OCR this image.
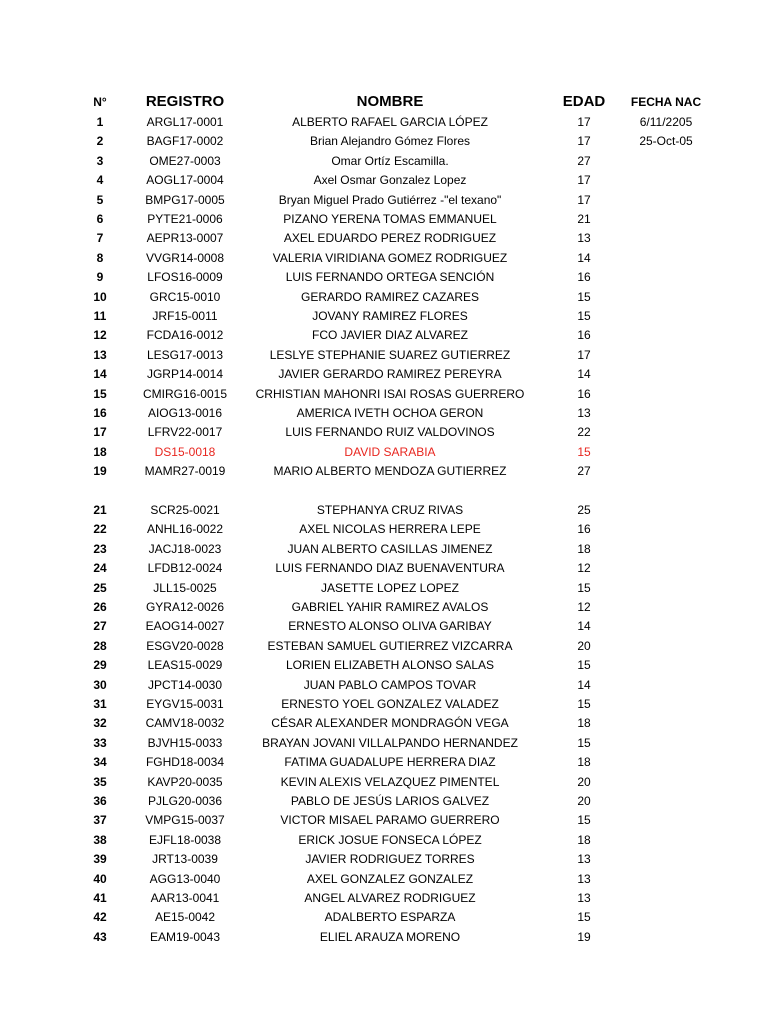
N°	REGISTRO	NOMBRE	EDAD	FECHA NAC
1	ARGL17-0001	ALBERTO RAFAEL GARCIA LÓPEZ	17	6/11/2205
2	BAGF17-0002	Brian Alejandro Gómez Flores	17	25-Oct-05
3	OME27-0003	Omar Ortíz Escamilla.	27
4	AOGL17-0004	Axel Osmar Gonzalez Lopez	17
5	BMPG17-0005	Bryan Miguel Prado Gutiérrez -"el texano"	17
6	PYTE21-0006	PIZANO YERENA TOMAS EMMANUEL	21
7	AEPR13-0007	AXEL EDUARDO PEREZ RODRIGUEZ	13
8	VVGR14-0008	VALERIA VIRIDIANA GOMEZ RODRIGUEZ	14
9	LFOS16-0009	LUIS FERNANDO ORTEGA SENCIÓN	16
10	GRC15-0010	GERARDO RAMIREZ CAZARES	15
11	JRF15-0011	JOVANY RAMIREZ FLORES	15
12	FCDA16-0012	FCO JAVIER DIAZ ALVAREZ	16
13	LESG17-0013	LESLYE STEPHANIE SUAREZ GUTIERREZ	17
14	JGRP14-0014	JAVIER GERARDO RAMIREZ PEREYRA	14
15	CMIRG16-0015	CRHISTIAN MAHONRI ISAI ROSAS GUERRERO	16
16	AIOG13-0016	AMERICA IVETH OCHOA GERON	13
17	LFRV22-0017	LUIS FERNANDO RUIZ VALDOVINOS	22
18	DS15-0018	DAVID SARABIA	15
19	MAMR27-0019	MARIO ALBERTO MENDOZA GUTIERREZ	27
21	SCR25-0021	STEPHANYA CRUZ RIVAS	25
22	ANHL16-0022	AXEL NICOLAS HERRERA LEPE	16
23	JACJ18-0023	JUAN ALBERTO CASILLAS JIMENEZ	18
24	LFDB12-0024	LUIS FERNANDO DIAZ BUENAVENTURA	12
25	JLL15-0025	JASETTE LOPEZ LOPEZ	15
26	GYRA12-0026	GABRIEL YAHIR RAMIREZ AVALOS	12
27	EAOG14-0027	ERNESTO ALONSO OLIVA GARIBAY	14
28	ESGV20-0028	ESTEBAN SAMUEL GUTIERREZ VIZCARRA	20
29	LEAS15-0029	LORIEN ELIZABETH ALONSO SALAS	15
30	JPCT14-0030	JUAN PABLO CAMPOS TOVAR	14
31	EYGV15-0031	ERNESTO YOEL GONZALEZ VALADEZ	15
32	CAMV18-0032	CÉSAR ALEXANDER MONDRAGÓN VEGA	18
33	BJVH15-0033	BRAYAN JOVANI VILLALPANDO HERNANDEZ	15
34	FGHD18-0034	FATIMA GUADALUPE HERRERA DIAZ	18
35	KAVP20-0035	KEVIN ALEXIS VELAZQUEZ PIMENTEL	20
36	PJLG20-0036	PABLO DE JESÚS LARIOS GALVEZ	20
37	VMPG15-0037	VICTOR MISAEL PARAMO GUERRERO	15
38	EJFL18-0038	ERICK JOSUE FONSECA LÓPEZ	18
39	JRT13-0039	JAVIER RODRIGUEZ TORRES	13
40	AGG13-0040	AXEL GONZALEZ GONZALEZ	13
41	AAR13-0041	ANGEL ALVAREZ RODRIGUEZ	13
42	AE15-0042	ADALBERTO ESPARZA	15
43	EAM19-0043	ELIEL ARAUZA MORENO	19
